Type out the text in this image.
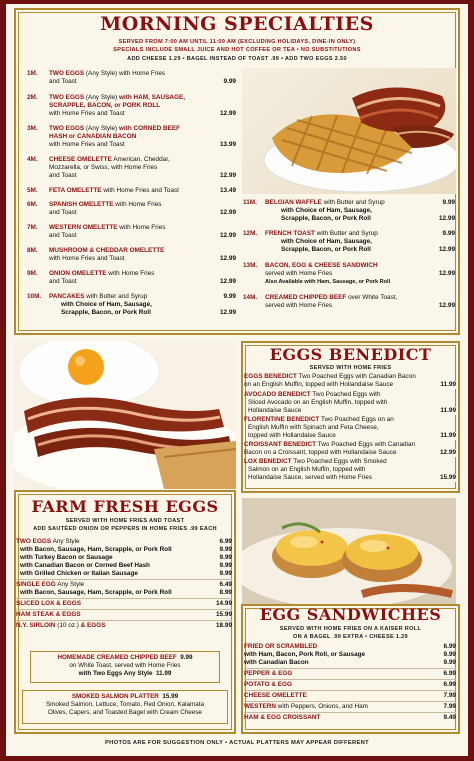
MORNING SPECIALTIES
SERVED FROM 7:00 AM UNTIL 11:00 AM (EXCLUDING HOLIDAYS, DINE-IN ONLY)
SPECIALS INCLUDE SMALL JUICE AND HOT COFFEE OR TEA • NO SUBSTITUTIONS
ADD CHEESE 1.29 • BAGEL INSTEAD OF TOAST .99 • ADD TWO EGGS 2.50
1M. TWO EGGS (Any Style) with Home Fries
and Toast	9.99
2M. TWO EGGS (Any Style) with HAM, SAUSAGE,
SCRAPPLE, BACON, or PORK ROLL
with Home Fries and Toast	12.99
3M. TWO EGGS (Any Style) with CORNED BEEF
HASH or CANADIAN BACON
with Home Fries and Toast	13.99
4M. CHEESE OMELETTE American, Cheddar,
Mozzarella, or Swiss, with Home Fries
and Toast	12.99
5M. FETA OMELETTE with Home Fries and Toast	13.49
6M. SPANISH OMELETTE with Home Fries
and Toast	12.99
7M. WESTERN OMELETTE with Home Fries
and Toast	12.99
8M. MUSHROOM & CHEDDAR OMELETTE
with Home Fries and Toast	12.99
9M. ONION OMELETTE with Home Fries
and Toast	12.99
10M. PANCAKES with Butter and Syrup	9.99

with Choice of Ham, Sausage,
Scrapple, Bacon, or Pork Roll	12.99
11M. BELGIAN WAFFLE with Butter and Syrup	9.99

with Choice of Ham, Sausage,
Scrapple, Bacon, or Pork Roll	12.99
12M. FRENCH TOAST with Butter and Syrup	9.99

with Choice of Ham, Sausage,
Scrapple, Bacon, or Pork Roll	12.99
13M. BACON, EGG & CHEESE SANDWICH
served with Home Fries	12.99

Also Available with Ham, Sausage, or Pork Roll
14M. CREAMED CHIPPED BEEF over White Toast,
served with Home Fries	12.99
EGGS BENEDICT
SERVED WITH HOME FRIES
EGGS BENEDICT Two Poached Eggs with Canadian Bacon
on an English Muffin, topped with Hollandaise Sauce	11.99
AVOCADO BENEDICT Two Poached Eggs with
Sliced Avocado on an English Muffin, topped with
Hollandaise Sauce	11.99
FLORENTINE BENEDICT Two Poached Eggs on an
English Muffin with Spinach and Feta Cheese,
topped with Hollandaise Sauce	11.99
CROISSANT BENEDICT Two Poached Eggs with Canadian
Bacon on a Croissant, topped with Hollandaise Sauce	12.99
LOX BENEDICT Two Poached Eggs with Smoked
Salmon on an English Muffin, topped with
Hollandaise Sauce, served with Home Fries	15.99
FARM FRESH EGGS
SERVED WITH HOME FRIES AND TOAST
ADD SAUTÉED ONION OR PEPPERS IN HOME FRIES .99 EACH
TWO EGGS Any Style	6.99
with Bacon, Sausage, Ham, Scrapple, or Pork Roll	9.99
with Turkey Bacon or Sausage	9.99
with Canadian Bacon or Corned Beef Hash	9.99
with Grilled Chicken or Italian Sausage	9.99
SINGLE EGG Any Style	6.49
with Bacon, Sausage, Ham, Scrapple, or Pork Roll	8.99
SLICED LOX & EGGS	14.99
HAM STEAK & EGGS	15.99
N.Y. SIRLOIN (10 oz.) & EGGS	18.99
HOMEMADE CREAMED CHIPPED BEEF 9.99
on White Toast, served with Home Fries
with Two Eggs Any Style 11.99
SMOKED SALMON PLATTER 15.99
Smoked Salmon, Lettuce, Tomato, Red Onion, Kalamata
Olives, Capers, and Toasted Bagel with Cream Cheese
EGG SANDWICHES
SERVED WITH HOME FRIES ON A KAISER ROLL
ON A BAGEL .99 EXTRA • CHEESE 1.29
FRIED OR SCRAMBLED	6.99
with Ham, Bacon, Pork Roll, or Sausage	9.99
with Canadian Bacon	9.99
PEPPER & EGG	6.99
POTATO & EGG	6.99
CHEESE OMELETTE	7.99
WESTERN with Peppers, Onions, and Ham	7.99
HAM & EGG CROISSANT	9.49
PHOTOS ARE FOR SUGGESTION ONLY • ACTUAL PLATTERS MAY APPEAR DIFFERENT
